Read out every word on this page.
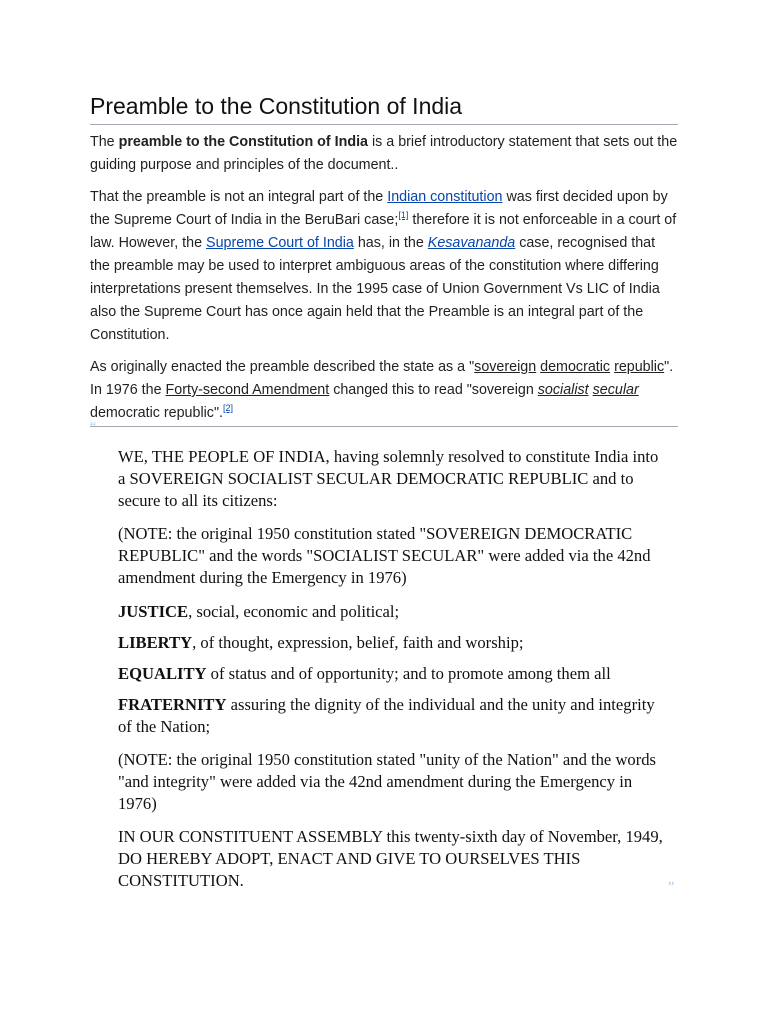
Preamble to the Constitution of India

The preamble to the Constitution of India is a brief introductory statement that sets out the guiding purpose and principles of the document..

That the preamble is not an integral part of the Indian constitution was first decided upon by the Supreme Court of India in the BeruBari case;[1] therefore it is not enforceable in a court of law. However, the Supreme Court of India has, in the Kesavananda case, recognised that the preamble may be used to interpret ambiguous areas of the constitution where differing interpretations present themselves. In the 1995 case of Union Government Vs LIC of India also the Supreme Court has once again held that the Preamble is an integral part of the Constitution.

As originally enacted the preamble described the state as a "sovereign democratic republic". In 1976 the Forty-second Amendment changed this to read "sovereign socialist secular democratic republic".[2]

“

WE, THE PEOPLE OF INDIA, having solemnly resolved to constitute India into a SOVEREIGN SOCIALIST SECULAR DEMOCRATIC REPUBLIC and to secure to all its citizens:

(NOTE: the original 1950 constitution stated "SOVEREIGN DEMOCRATIC REPUBLIC" and the words "SOCIALIST SECULAR" were added via the 42nd amendment during the Emergency in 1976)

JUSTICE, social, economic and political;

LIBERTY, of thought, expression, belief, faith and worship;

EQUALITY of status and of opportunity; and to promote among them all

FRATERNITY assuring the dignity of the individual and the unity and integrity of the Nation;

(NOTE: the original 1950 constitution stated "unity of the Nation" and the words "and integrity" were added via the 42nd amendment during the Emergency in 1976)

IN OUR CONSTITUENT ASSEMBLY this twenty-sixth day of November, 1949, DO HEREBY ADOPT, ENACT AND GIVE TO OURSELVES THIS CONSTITUTION.	”
